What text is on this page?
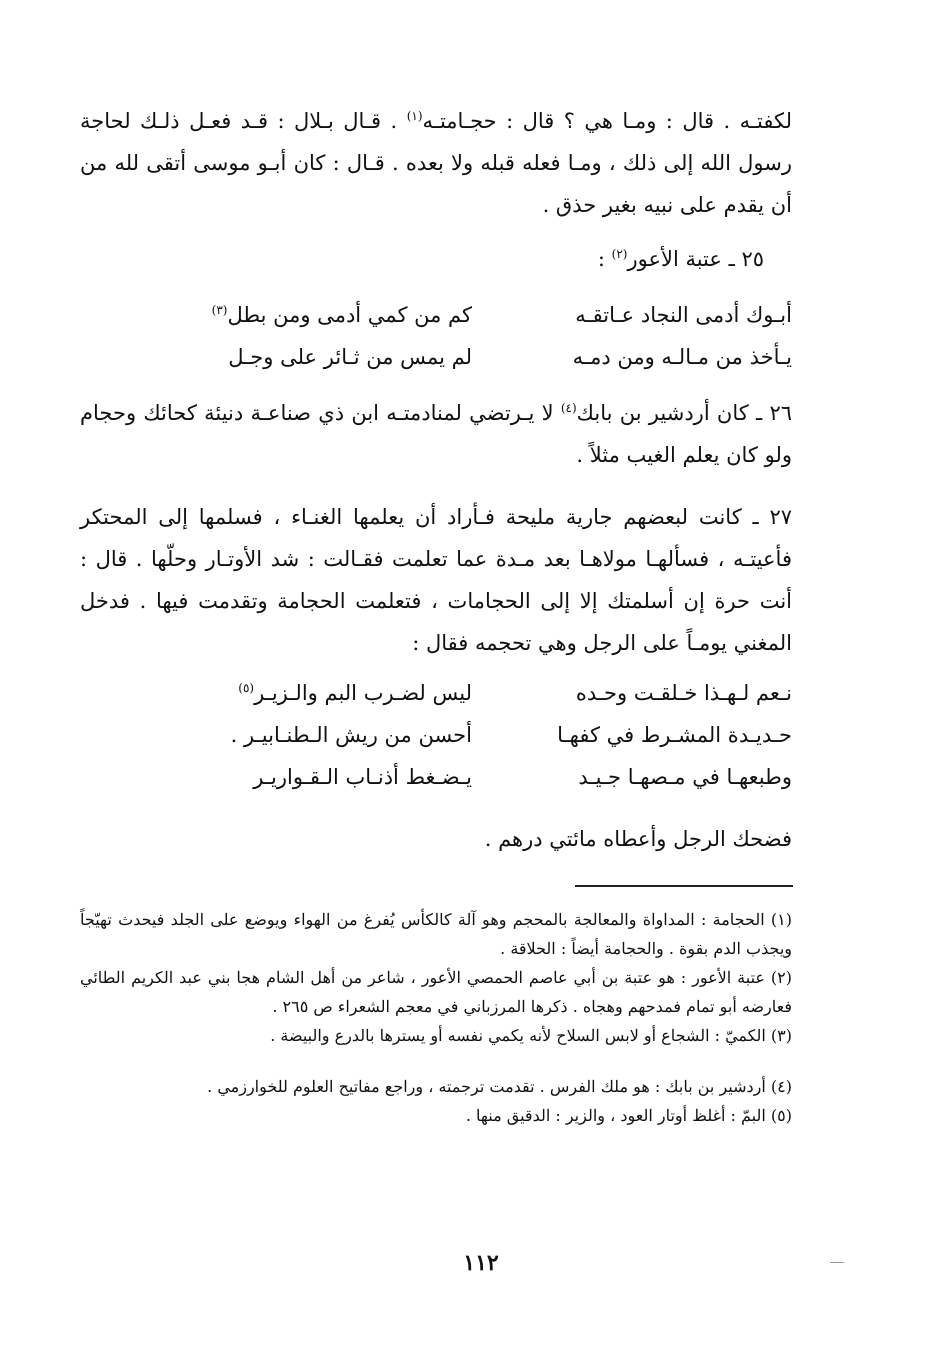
لكفتـه . قال : ومـا هي ؟ قال : حجـامتـه$^{(١)}$ . قـال بـلال : قـد فعـل ذلـك لحاجة رسول الله إلى ذلك ، ومـا فعله قبله ولا بعده . قـال : كان أبـو موسى أتقى لله من أن يقدم على نبيه بغير حذق .

٢٥ ـ عتبة الأعور$^{(٢)}$ :

أبـوك أدمى النجاد عـاتقـه
كم من كمي أدمى ومن بطل$^{(٣)}$
يـأخذ من مـالـه ومن دمـه
لم يمس من ثـائر على وجـل

٢٦ ـ كان أردشير بن بابك$^{(٤)}$ لا يـرتضي لمنادمتـه ابن ذي صناعـة دنيئة كحائك وحجام ولو كان يعلم الغيب مثلاً .

٢٧ ـ كانت لبعضهم جارية مليحة فـأراد أن يعلمها الغنـاء ، فسلمها إلى المحتكر فأعيتـه ، فسألهـا مولاهـا بعد مـدة عما تعلمت فقـالت : شد الأوتـار وحلّها . قال : أنت حرة إن أسلمتك إلا إلى الحجامات ، فتعلمت الحجامة وتقدمت فيها . فدخل المغني يومـاً على الرجل وهي تحجمه فقال :

نـعم لـهـذا خـلقـت وحـده
ليس لضـرب البم والـزيـر$^{(٥)}$
حـديـدة المشـرط في كفهـا
أحسن من ريش الـطنـابيـر .
وطبعهـا في مـصهـا جـيـد
يـضـغط أذنـاب الـقـواريـر

فضحك الرجل وأعطاه مائتي درهم .

(١) الحجامة : المداواة والمعالجة بالمحجم وهو آلة كالكأس يُفرغ من الهواء ويوضع على الجلد فيحدث تهيّجاً ويجذب الدم بقوة . والحجامة أيضاً : الحلاقة .

(٢) عتبة الأعور : هو عتبة بن أبي عاصم الحمصي الأعور ، شاعر من أهل الشام هجا بني عبد الكريم الطائي فعارضه أبو تمام فمدحهم وهجاه . ذكرها المرزباني في معجم الشعراء ص ٢٦٥ .

(٣) الكميّ : الشجاع أو لابس السلاح لأنه يكمي نفسه أو يسترها بالدرع والبيضة .

(٤) أردشير بن بابك : هو ملك الفرس . تقدمت ترجمته ، وراجع مفاتيح العلوم للخوارزمي .

(٥) البمّ : أغلظ أوتار العود ، والزير : الدقيق منها .

١١٢
